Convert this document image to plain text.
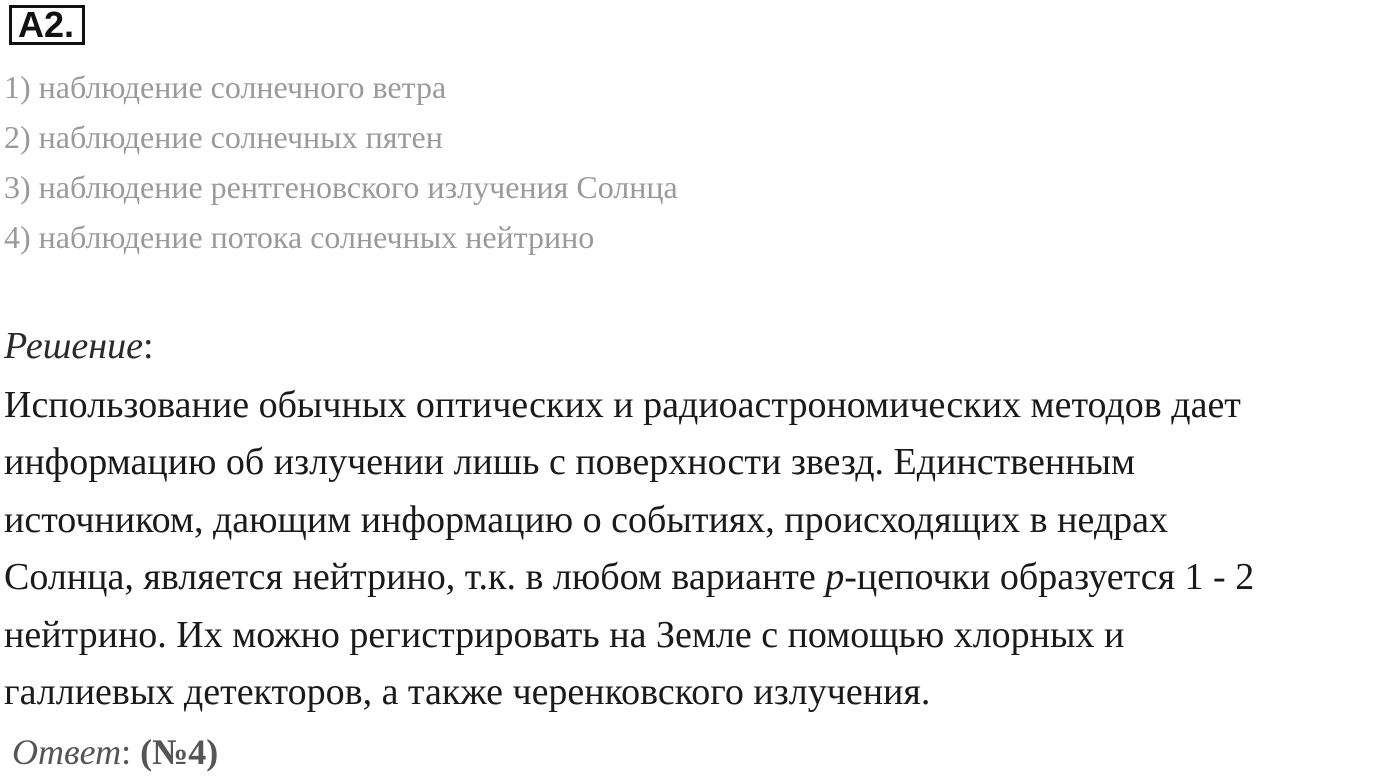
А2.
1) наблюдение солнечного ветра
2) наблюдение солнечных пятен
3) наблюдение рентгеновского излучения Солнца
4) наблюдение потока солнечных нейтрино
Решение:

Использование обычных оптических и радиоастрономических методов дает
информацию об излучении лишь с поверхности звезд. Единственным
источником, дающим информацию о событиях, происходящих в недрах
Солнца, является нейтрино, т.к. в любом варианте p-цепочки образуется 1 - 2
нейтрино. Их можно регистрировать на Земле с помощью хлорных и
галлиевых детекторов, а также черенковского излучения.

Ответ: (№4)
